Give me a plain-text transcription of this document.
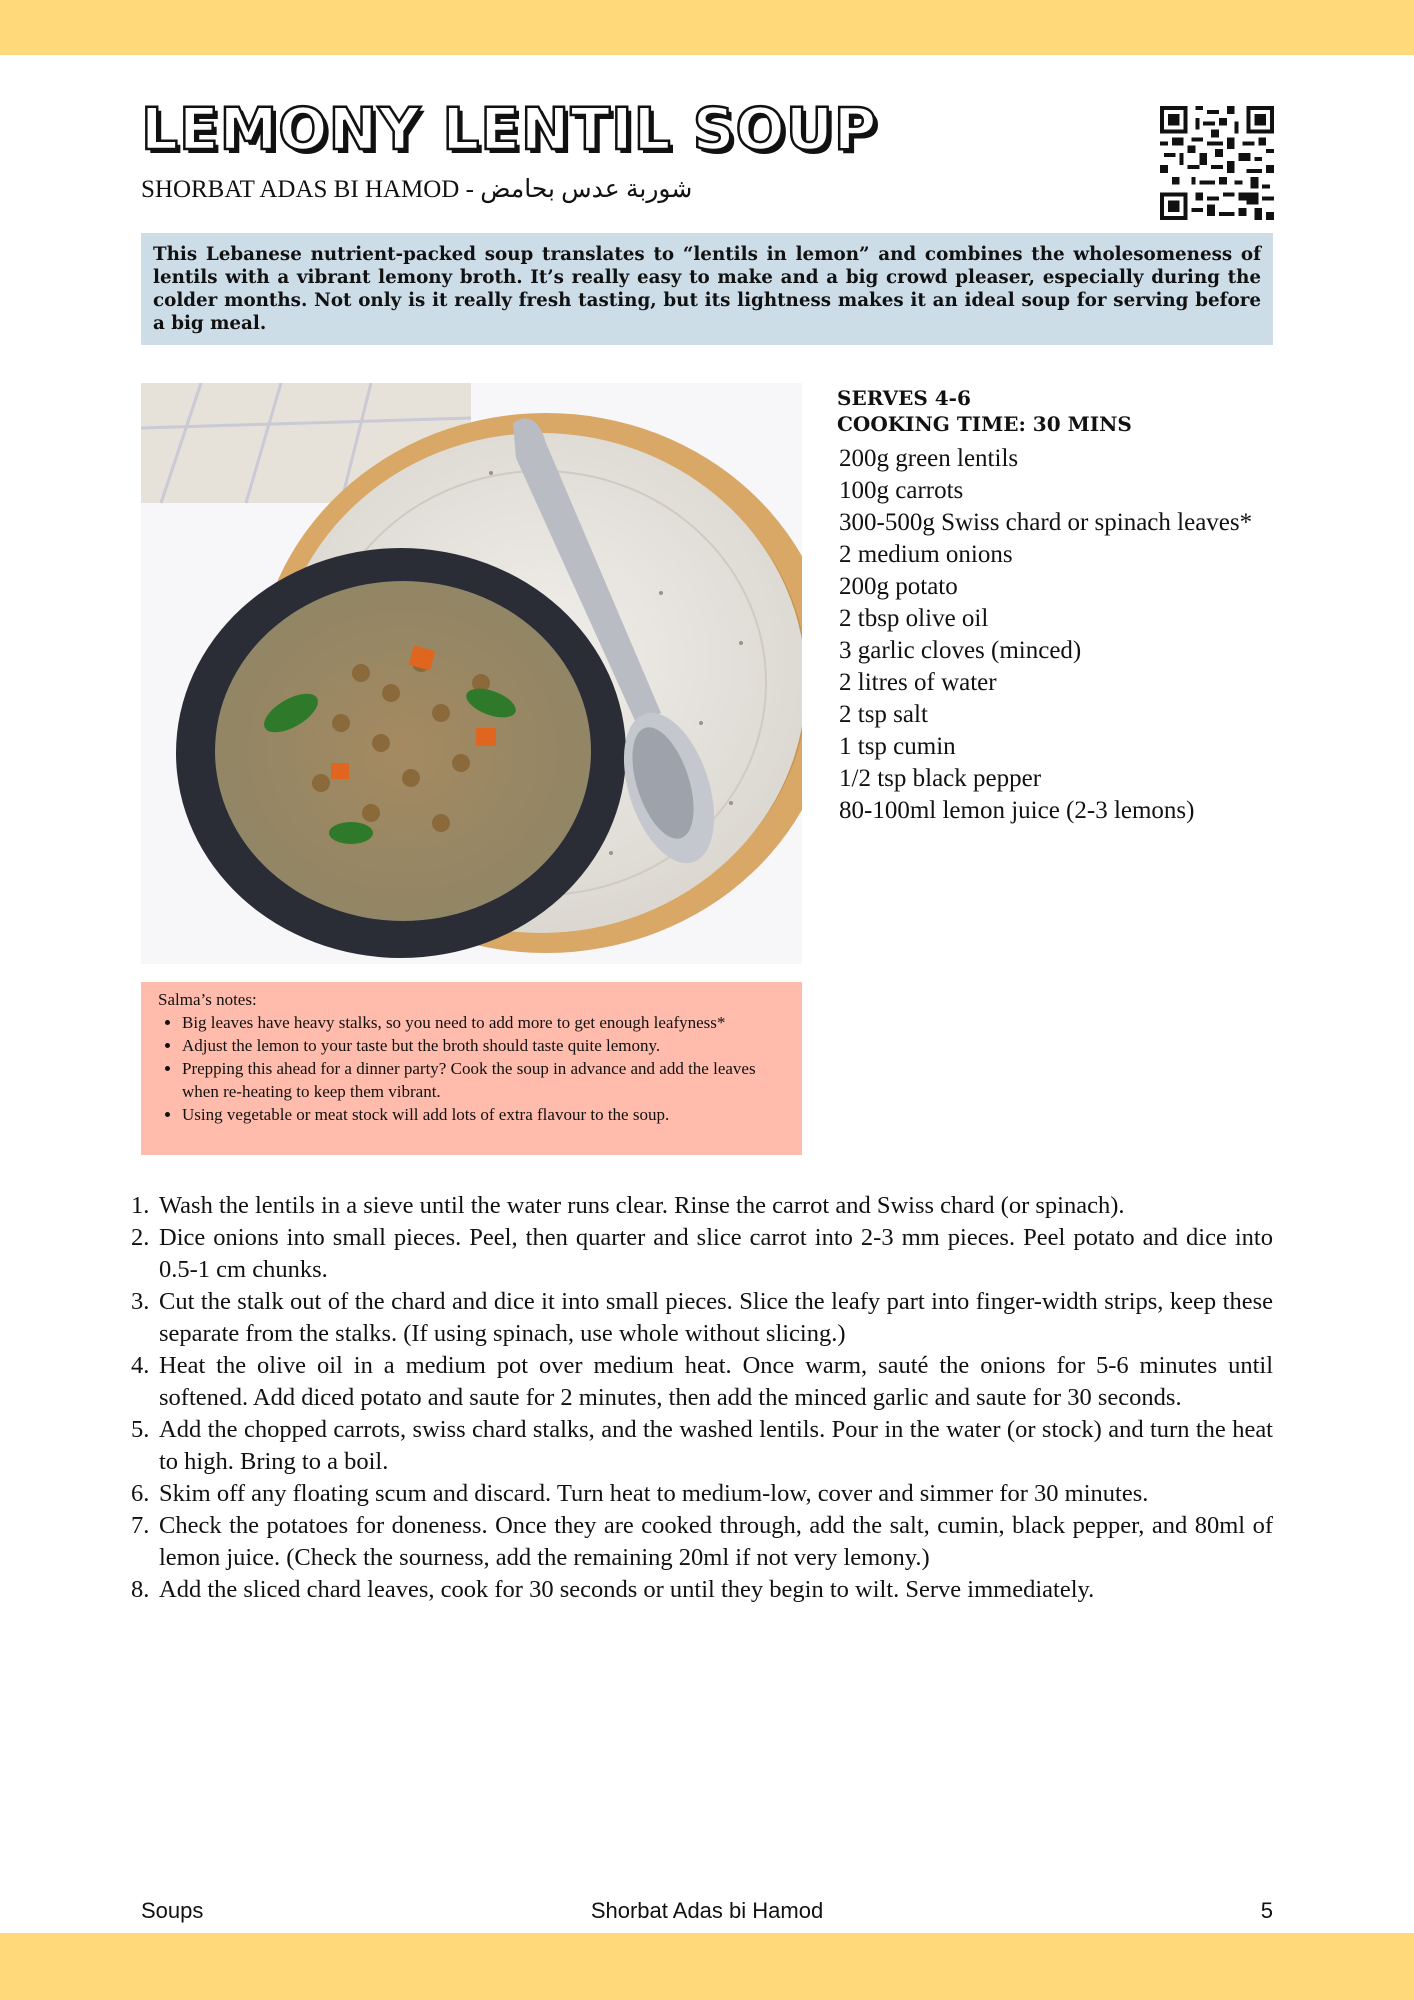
LEMONY LENTIL SOUP
SHORBAT ADAS BI HAMOD - شوربة عدس بحامض
This Lebanese nutrient-packed soup translates to “lentils in lemon” and combines the wholesomeness of lentils with a vibrant lemony broth. It’s really easy to make and a big crowd pleaser, especially during the colder months. Not only is it really fresh tasting, but its lightness makes it an ideal soup for serving before a big meal.
SERVES 4-6
COOKING TIME: 30 MINS
200g green lentils
100g carrots
300-500g Swiss chard or spinach leaves*
2 medium onions
200g potato
2 tbsp olive oil
3 garlic cloves (minced)
2 litres of water
2 tsp salt
1 tsp cumin
1/2 tsp black pepper
80-100ml lemon juice (2-3 lemons)
Salma’s notes:
• Big leaves have heavy stalks, so you need to add more to get enough leafyness*
• Adjust the lemon to your taste but the broth should taste quite lemony.
• Prepping this ahead for a dinner party? Cook the soup in advance and add the leaves when re-heating to keep them vibrant.
• Using vegetable or meat stock will add lots of extra flavour to the soup.
1. Wash the lentils in a sieve until the water runs clear. Rinse the carrot and Swiss chard (or spinach).
2. Dice onions into small pieces. Peel, then quarter and slice carrot into 2-3 mm pieces. Peel potato and dice into 0.5-1 cm chunks.
3. Cut the stalk out of the chard and dice it into small pieces. Slice the leafy part into finger-width strips, keep these separate from the stalks. (If using spinach, use whole without slicing.)
4. Heat the olive oil in a medium pot over medium heat. Once warm, sauté the onions for 5-6 minutes until softened. Add diced potato and saute for 2 minutes, then add the minced garlic and saute for 30 seconds.
5. Add the chopped carrots, swiss chard stalks, and the washed lentils. Pour in the water (or stock) and turn the heat to high. Bring to a boil.
6. Skim off any floating scum and discard. Turn heat to medium-low, cover and simmer for 30 minutes.
7. Check the potatoes for doneness. Once they are cooked through, add the salt, cumin, black pepper, and 80ml of lemon juice. (Check the sourness, add the remaining 20ml if not very lemony.)
8. Add the sliced chard leaves, cook for 30 seconds or until they begin to wilt. Serve immediately.
Soups	Shorbat Adas bi Hamod	5
